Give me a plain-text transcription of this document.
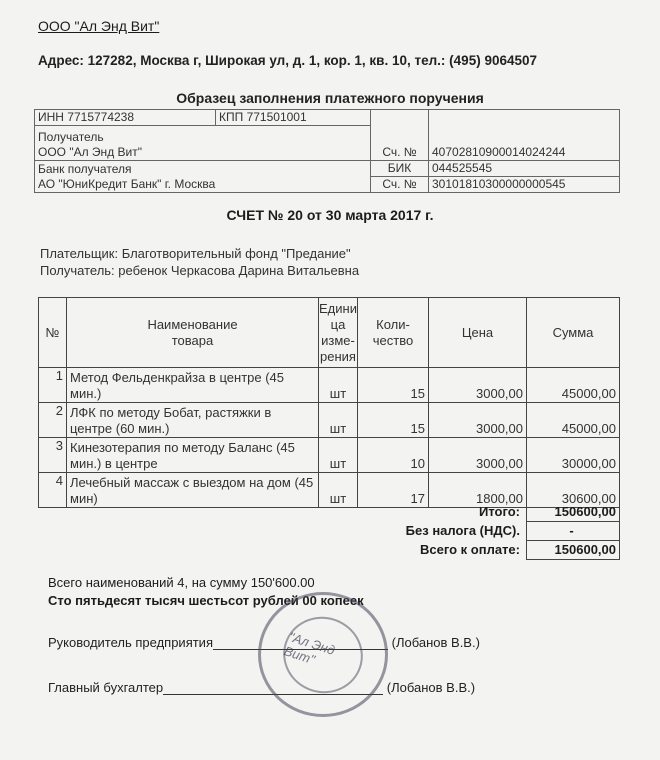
ООО "Ал Энд Вит"
Адрес: 127282, Москва г, Широкая ул, д. 1, кор. 1, кв. 10, тел.: (495) 9064507
Образец заполнения платежного поручения
ИНН 7715774238	КПП 771501001		

Получатель
ООО "Ал Энд Вит"		Сч. №	40702810900014024244

Банк получателя
АО "ЮниКредит Банк" г. Москва		БИК	044525545
		Сч. №	30101810300000000545
СЧЕТ № 20 от 30 марта 2017 г.
Плательщик: Благотворительный фонд "Предание"
Получатель: ребенок Черкасова Дарина Витальевна
№	Наименование товара	Едини ца изме- рения	Коли- чество	Цена	Сумма
1	Метод Фельденкрайза в центре (45 мин.)	шт	15	3000,00	45000,00
2	ЛФК по методу Бобат, растяжки в центре (60 мин.)	шт	15	3000,00	45000,00
3	Кинезотерапия по методу Баланс (45 мин.) в центре	шт	10	3000,00	30000,00
4	Лечебный массаж с выездом на дом (45 мин)	шт	17	1800,00	30600,00
Итого:	150600,00
Без налога (НДС).	-
Всего к оплате:	150600,00
Всего наименований 4, на сумму 150'600.00
Сто пятьдесят тысяч шестьсот рублей 00 копеек
Руководитель предприятия	(Лобанов В.В.)
Главный бухгалтер	(Лобанов В.В.)
"Ал Энд Вит"
